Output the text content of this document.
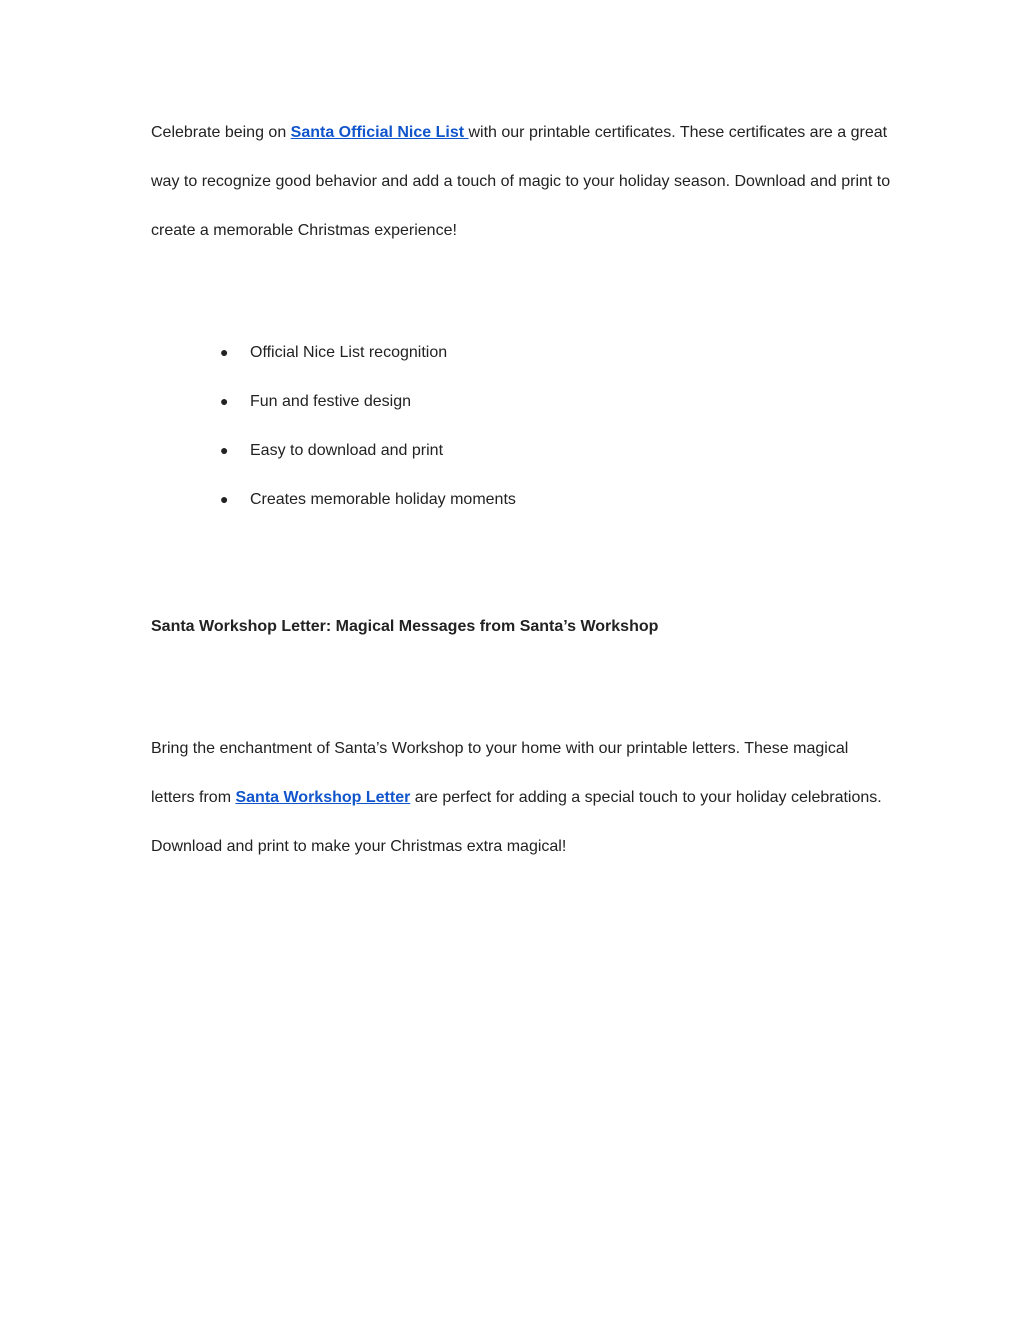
Celebrate being on Santa Official Nice List with our printable certificates. These certificates are a great way to recognize good behavior and add a touch of magic to your holiday season. Download and print to create a memorable Christmas experience!

● Official Nice List recognition
● Fun and festive design
● Easy to download and print
● Creates memorable holiday moments
Santa Workshop Letter: Magical Messages from Santa’s Workshop

Bring the enchantment of Santa’s Workshop to your home with our printable letters. These magical letters from Santa Workshop Letter are perfect for adding a special touch to your holiday celebrations. Download and print to make your Christmas extra magical!
